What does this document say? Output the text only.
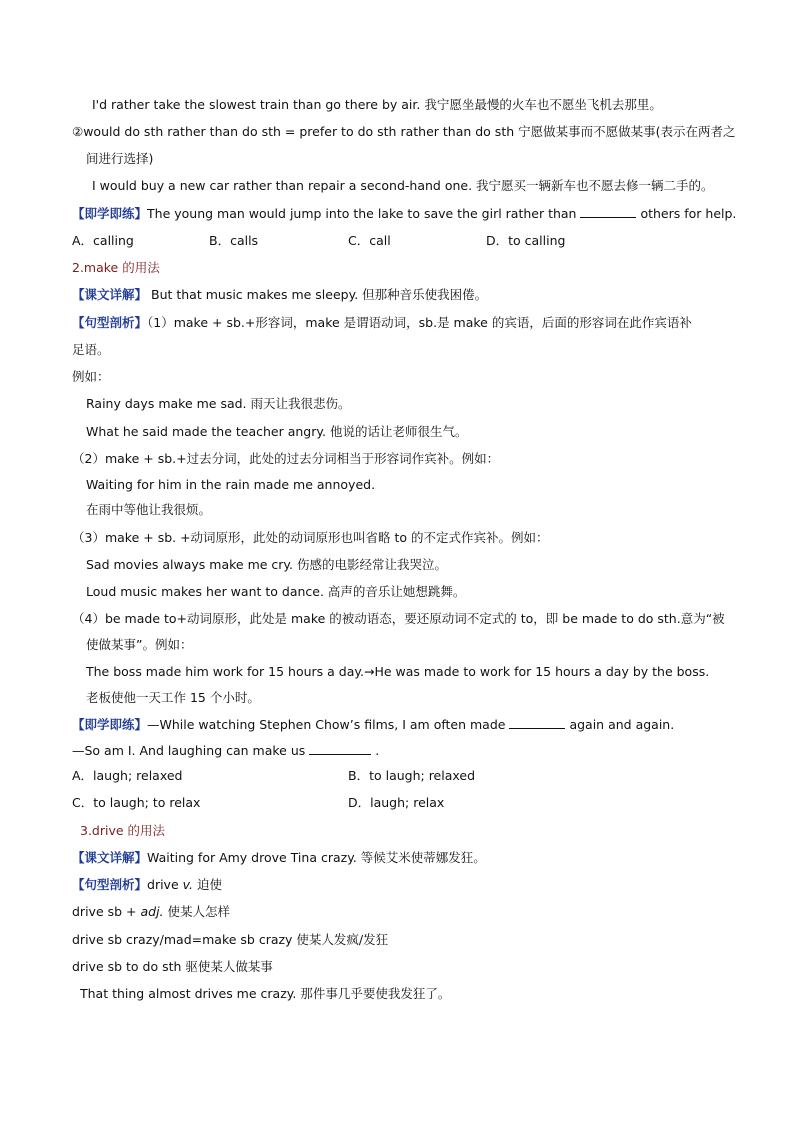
I'd rather take the slowest train than go there by air. 我宁愿坐最慢的火车也不愿坐飞机去那里。
②would do sth rather than do sth = prefer to do sth rather than do sth 宁愿做某事而不愿做某事(表示在两者之
间进行选择)
I would buy a new car rather than repair a second-hand one. 我宁愿买一辆新车也不愿去修一辆二手的。
【即学即练】The young man would jump into the lake to save the girl rather than	others for help.
A．calling	B．calls	C．call	D．to calling
2.make 的用法
【课文详解】 But that music makes me sleepy. 但那种音乐使我困倦。
【句型剖析】（1）make + sb.+形容词，make 是谓语动词，sb.是 make 的宾语，后面的形容词在此作宾语补
足语。
例如：
Rainy days make me sad. 雨天让我很悲伤。
What he said made the teacher angry. 他说的话让老师很生气。
（2）make + sb.+过去分词，此处的过去分词相当于形容词作宾补。例如：
Waiting for him in the rain made me annoyed.
在雨中等他让我很烦。
（3）make + sb. +动词原形，此处的动词原形也叫省略 to 的不定式作宾补。例如：
Sad movies always make me cry. 伤感的电影经常让我哭泣。
Loud music makes her want to dance. 高声的音乐让她想跳舞。
（4）be made to+动词原形，此处是 make 的被动语态，要还原动词不定式的 to，即 be made to do sth.意为“被
使做某事”。例如：
The boss made him work for 15 hours a day.→He was made to work for 15 hours a day by the boss.
老板使他一天工作 15 个小时。
【即学即练】—While watching Stephen Chow’s films, I am often made	again and again.
—So am I. And laughing can make us	.
A．laugh; relaxed	B．to laugh; relaxed
C．to laugh; to relax	D．laugh; relax
3.drive 的用法
【课文详解】Waiting for Amy drove Tina crazy. 等候艾米使蒂娜发狂。
【句型剖析】drive v. 迫使
drive sb + adj. 使某人怎样
drive sb crazy/mad=make sb crazy 使某人发疯/发狂
drive sb to do sth 驱使某人做某事
That thing almost drives me crazy. 那件事几乎要使我发狂了。
